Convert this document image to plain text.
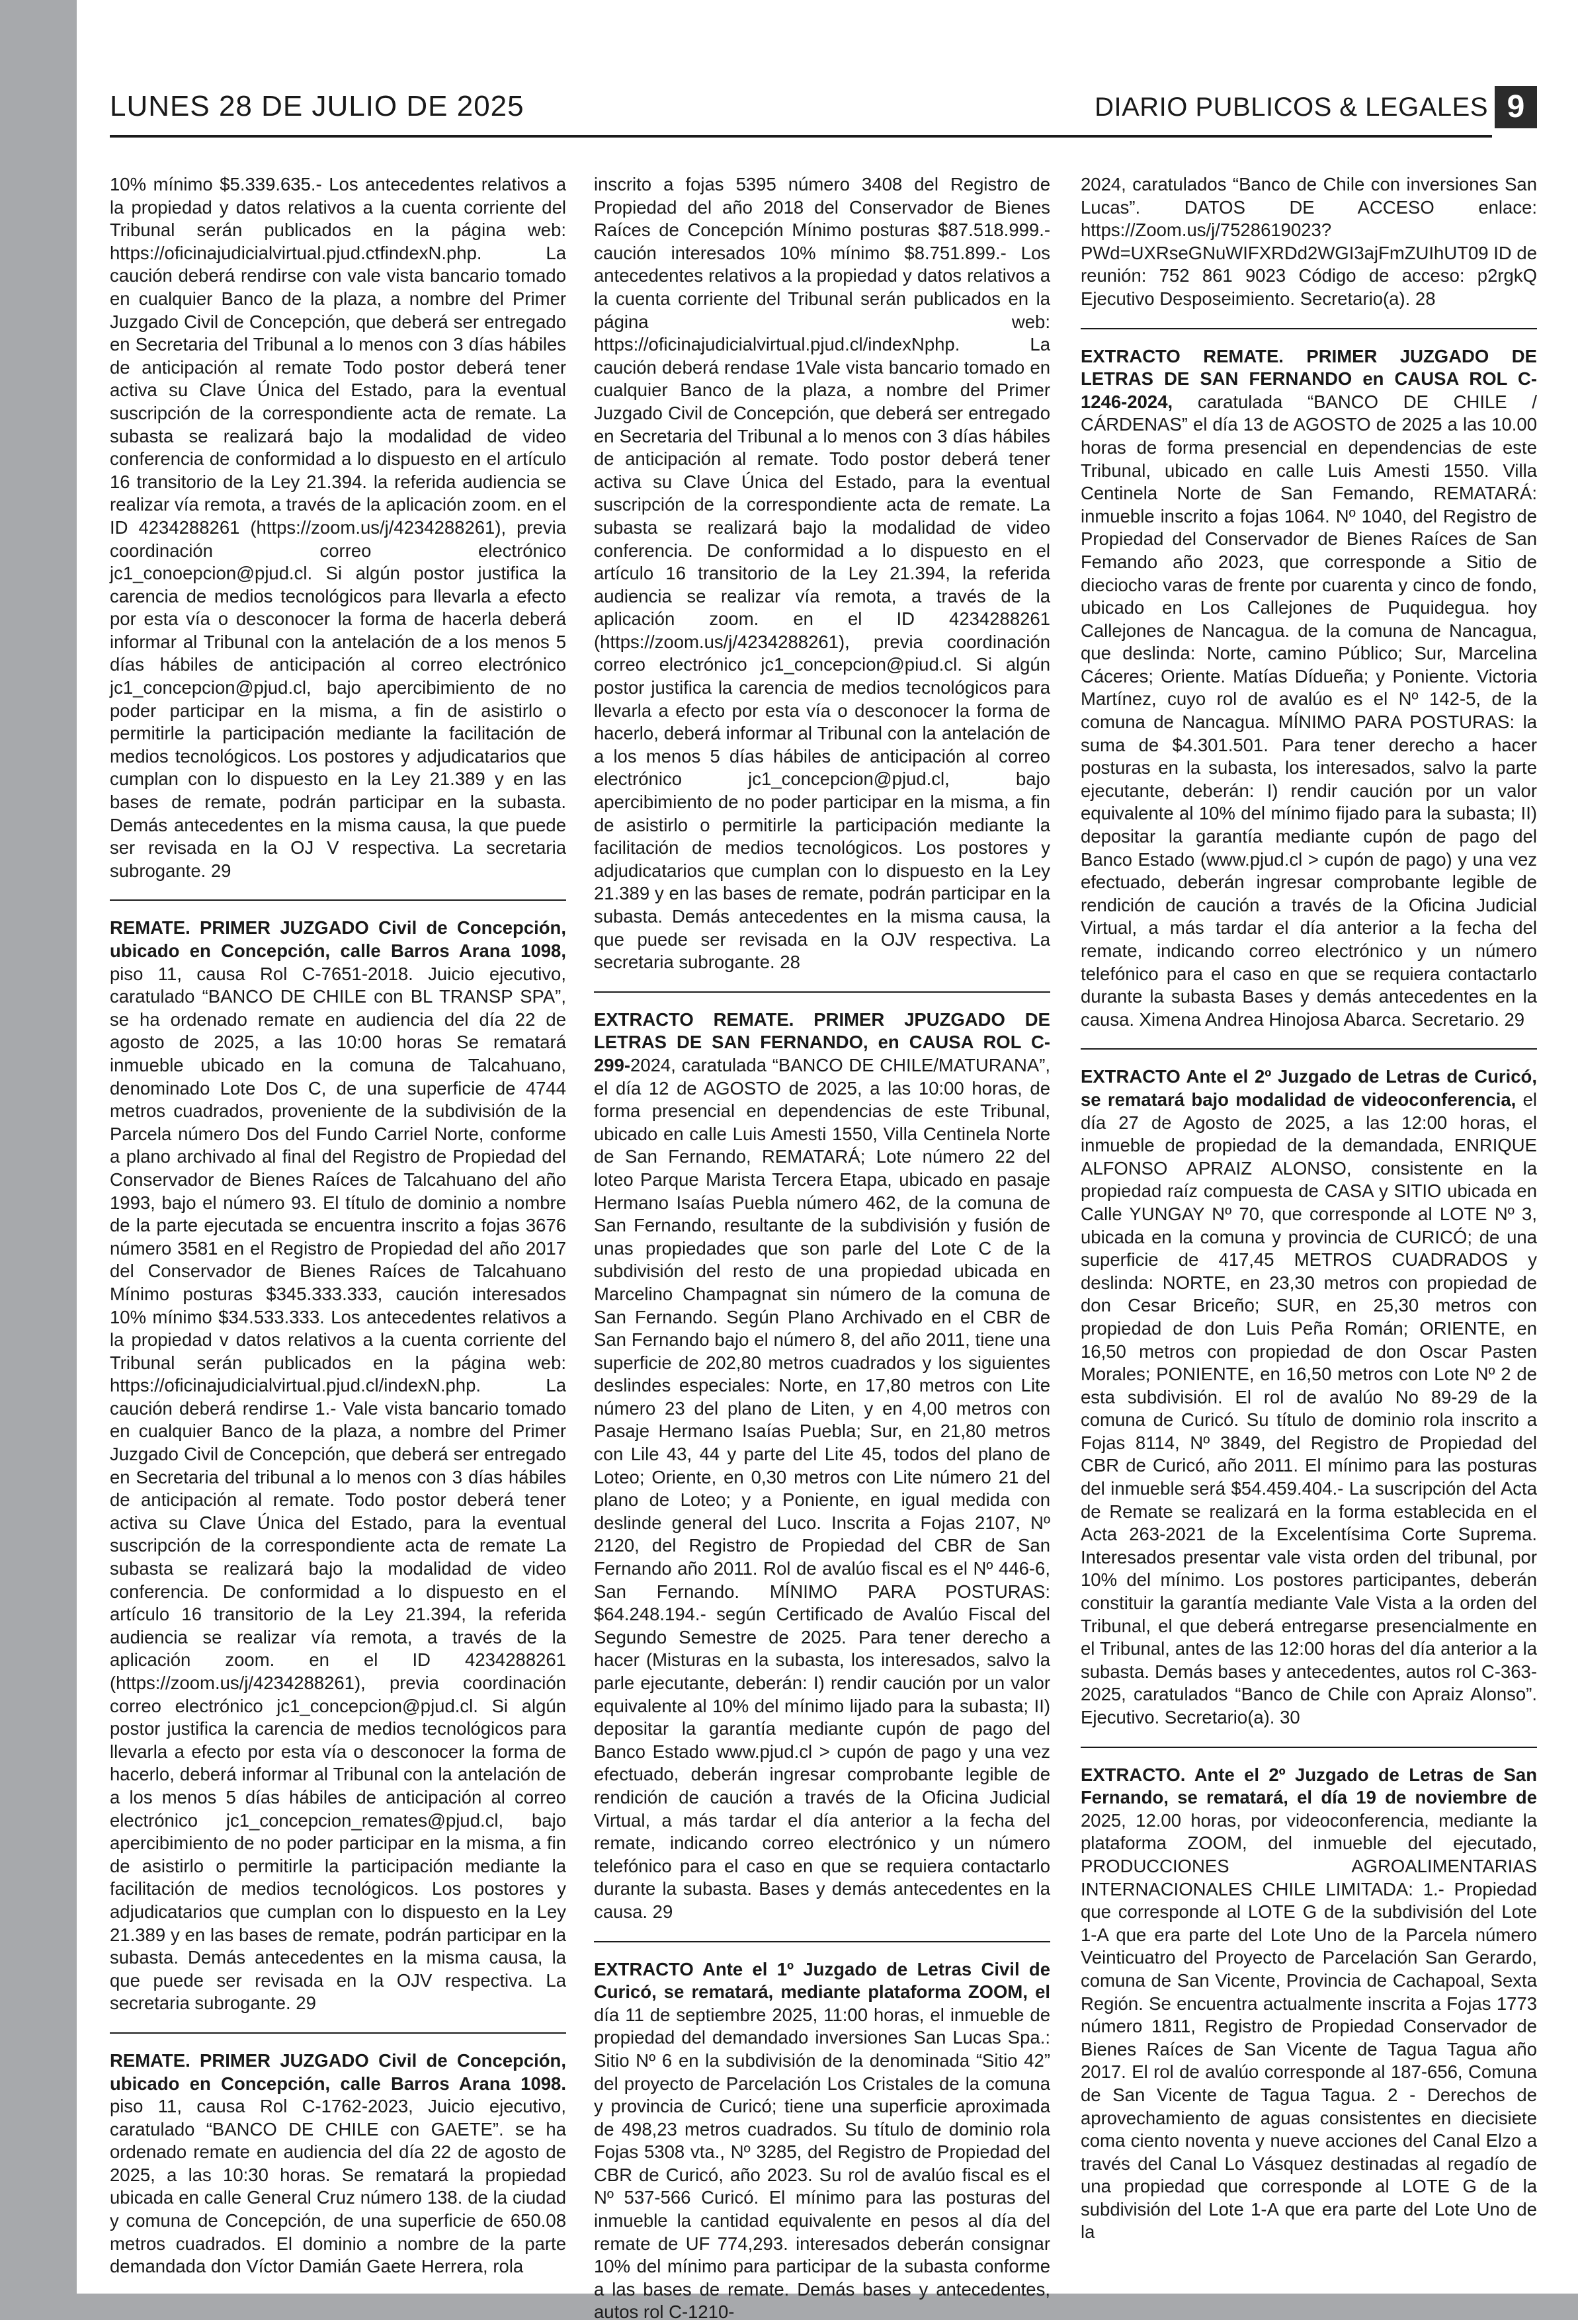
LUNES 28 DE JULIO DE 2025	DIARIO PUBLICOS & LEGALES 9

10% mínimo $5.339.635.- Los antecedentes relativos a la propiedad y datos relativos a la cuenta corriente del Tribunal serán publicados en la página web: https://oficinajudicialvirtual.pjud.ctfindexN.php. La caución deberá rendirse con vale vista bancario tomado en cualquier Banco de la plaza, a nombre del Primer Juzgado Civil de Concepción, que deberá ser entregado en Secretaria del Tribunal a lo menos con 3 días hábiles de anticipación al remate Todo postor deberá tener activa su Clave Única del Estado, para la eventual suscripción de la correspondiente acta de remate. La subasta se realizará bajo la modalidad de video conferencia de conformidad a lo dispuesto en el artículo 16 transitorio de la Ley 21.394. la referida audiencia se realizar vía remota, a través de la aplicación zoom. en el ID 4234288261 (https://zoom.us/j/4234288261), previa coordinación correo electrónico jc1_conoepcion@pjud.cl. Si algún postor justifica la carencia de medios tecnológicos para llevarla a efecto por esta vía o desconocer la forma de hacerla deberá informar al Tribunal con la antelación de a los menos 5 días hábiles de anticipación al correo electrónico jc1_concepcion@pjud.cl, bajo apercibimiento de no poder participar en la misma, a fin de asistirlo o permitirle la participación mediante la facilitación de medios tecnológicos. Los postores y adjudicatarios que cumplan con lo dispuesto en la Ley 21.389 y en las bases de remate, podrán participar en la subasta. Demás antecedentes en la misma causa, la que puede ser revisada en la OJ V respectiva. La secretaria subrogante. 29

REMATE. PRIMER JUZGADO Civil de Concepción, ubicado en Concepción, calle Barros Arana 1098, piso 11, causa Rol C-7651-2018. Juicio ejecutivo, caratulado “BANCO DE CHILE con BL TRANSP SPA”, se ha ordenado remate en audiencia del día 22 de agosto de 2025, a las 10:00 horas Se rematará inmueble ubicado en la comuna de Talcahuano, denominado Lote Dos C, de una superficie de 4744 metros cuadrados, proveniente de la subdivisión de la Parcela número Dos del Fundo Carriel Norte, conforme a plano archivado al final del Registro de Propiedad del Conservador de Bienes Raíces de Talcahuano del año 1993, bajo el número 93. El título de dominio a nombre de la parte ejecutada se encuentra inscrito a fojas 3676 número 3581 en el Registro de Propiedad del año 2017 del Conservador de Bienes Raíces de Talcahuano Mínimo posturas $345.333.333, caución interesados 10% mínimo $34.533.333. Los antecedentes relativos a la propiedad v datos relativos a la cuenta corriente del Tribunal serán publicados en la página web: https://oficinajudicialvirtual.pjud.cl/indexN.php. La caución deberá rendirse 1.- Vale vista bancario tomado en cualquier Banco de la plaza, a nombre del Primer Juzgado Civil de Concepción, que deberá ser entregado en Secretaria del tribunal a lo menos con 3 días hábiles de anticipación al remate. Todo postor deberá tener activa su Clave Única del Estado, para la eventual suscripción de la correspondiente acta de remate La subasta se realizará bajo la modalidad de video conferencia. De conformidad a lo dispuesto en el artículo 16 transitorio de la Ley 21.394, la referida audiencia se realizar vía remota, a través de la aplicación zoom. en el ID 4234288261 (https://zoom.us/j/4234288261), previa coordinación correo electrónico jc1_concepcion@pjud.cl. Si algún postor justifica la carencia de medios tecnológicos para llevarla a efecto por esta vía o desconocer la forma de hacerlo, deberá informar al Tribunal con la antelación de a los menos 5 días hábiles de anticipación al correo electrónico jc1_concepcion_remates@pjud.cl, bajo apercibimiento de no poder participar en la misma, a fin de asistirlo o permitirle la participación mediante la facilitación de medios tecnológicos. Los postores y adjudicatarios que cumplan con lo dispuesto en la Ley 21.389 y en las bases de remate, podrán participar en la subasta. Demás antecedentes en la misma causa, la que puede ser revisada en la OJV respectiva. La secretaria subrogante. 29

REMATE. PRIMER JUZGADO Civil de Concepción, ubicado en Concepción, calle Barros Arana 1098. piso 11, causa Rol C-1762-2023, Juicio ejecutivo, caratulado “BANCO DE CHILE con GAETE”. se ha ordenado remate en audiencia del día 22 de agosto de 2025, a las 10:30 horas. Se rematará la propiedad ubicada en calle General Cruz número 138. de la ciudad y comuna de Concepción, de una superficie de 650.08 metros cuadrados. El dominio a nombre de la parte demandada don Víctor Damián Gaete Herrera, rola

inscrito a fojas 5395 número 3408 del Registro de Propiedad del año 2018 del Conservador de Bienes Raíces de Concepción Mínimo posturas $87.518.999.- caución interesados 10% mínimo $8.751.899.- Los antecedentes relativos a la propiedad y datos relativos a la cuenta corriente del Tribunal serán publicados en la página web: https://oficinajudicialvirtual.pjud.cl/indexNphp. La caución deberá rendase 1Vale vista bancario tomado en cualquier Banco de la plaza, a nombre del Primer Juzgado Civil de Concepción, que deberá ser entregado en Secretaria del Tribunal a lo menos con 3 días hábiles de anticipación al remate. Todo postor deberá tener activa su Clave Única del Estado, para la eventual suscripción de la correspondiente acta de remate. La subasta se realizará bajo la modalidad de video conferencia. De conformidad a lo dispuesto en el artículo 16 transitorio de la Ley 21.394, la referida audiencia se realizar vía remota, a través de la aplicación zoom. en el ID 4234288261 (https://zoom.us/j/4234288261), previa coordinación correo electrónico jc1_concepcion@piud.cl. Si algún postor justifica la carencia de medios tecnológicos para llevarla a efecto por esta vía o desconocer la forma de hacerlo, deberá informar al Tribunal con la antelación de a los menos 5 días hábiles de anticipación al correo electrónico jc1_concepcion@pjud.cl, bajo apercibimiento de no poder participar en la misma, a fin de asistirlo o permitirle la participación mediante la facilitación de medios tecnológicos. Los postores y adjudicatarios que cumplan con lo dispuesto en la Ley 21.389 y en las bases de remate, podrán participar en la subasta. Demás antecedentes en la misma causa, la que puede ser revisada en la OJV respectiva. La secretaria subrogante. 28

EXTRACTO REMATE. PRIMER JPUZGADO DE LETRAS DE SAN FERNANDO, en CAUSA ROL C-299-2024, caratulada “BANCO DE CHILE/MATURANA”, el día 12 de AGOSTO de 2025, a las 10:00 horas, de forma presencial en dependencias de este Tribunal, ubicado en calle Luis Amesti 1550, Villa Centinela Norte de San Fernando, REMATARÁ; Lote número 22 del loteo Parque Marista Tercera Etapa, ubicado en pasaje Hermano Isaías Puebla número 462, de la comuna de San Fernando, resultante de la subdivisión y fusión de unas propiedades que son parle del Lote C de la subdivisión del resto de una propiedad ubicada en Marcelino Champagnat sin número de la comuna de San Fernando. Según Plano Archivado en el CBR de San Fernando bajo el número 8, del año 2011, tiene una superficie de 202,80 metros cuadrados y los siguientes deslindes especiales: Norte, en 17,80 metros con Lite número 23 del plano de Liten, y en 4,00 metros con Pasaje Hermano Isaías Puebla; Sur, en 21,80 metros con Lile 43, 44 y parte del Lite 45, todos del plano de Loteo; Oriente, en 0,30 metros con Lite número 21 del plano de Loteo; y a Poniente, en igual medida con deslinde general del Luco. Inscrita a Fojas 2107, Nº 2120, del Registro de Propiedad del CBR de San Fernando año 2011. Rol de avalúo fiscal es el Nº 446-6, San Fernando. MÍNIMO PARA POSTURAS: $64.248.194.- según Certificado de Avalúo Fiscal del Segundo Semestre de 2025. Para tener derecho a hacer (Misturas en la subasta, los interesados, salvo la parle ejecutante, deberán: I) rendir caución por un valor equivalente al 10% del mínimo lijado para la subasta; II) depositar la garantía mediante cupón de pago del Banco Estado www.pjud.cl > cupón de pago y una vez efectuado, deberán ingresar comprobante legible de rendición de caución a través de la Oficina Judicial Virtual, a más tardar el día anterior a la fecha del remate, indicando correo electrónico y un número telefónico para el caso en que se requiera contactarlo durante la subasta. Bases y demás antecedentes en la causa. 29

EXTRACTO Ante el 1º Juzgado de Letras Civil de Curicó, se rematará, mediante plataforma ZOOM, el día 11 de septiembre 2025, 11:00 horas, el inmueble de propiedad del demandado inversiones San Lucas Spa.: Sitio Nº 6 en la subdivisión de la denominada “Sitio 42” del proyecto de Parcelación Los Cristales de la comuna y provincia de Curicó; tiene una superficie aproximada de 498,23 metros cuadrados. Su título de dominio rola Fojas 5308 vta., Nº 3285, del Registro de Propiedad del CBR de Curicó, año 2023. Su rol de avalúo fiscal es el Nº 537-566 Curicó. El mínimo para las posturas del inmueble la cantidad equivalente en pesos al día del remate de UF 774,293. interesados deberán consignar 10% del mínimo para participar de la subasta conforme a las bases de remate. Demás bases y antecedentes, autos rol C-1210-

2024, caratulados “Banco de Chile con inversiones San Lucas”. DATOS DE ACCESO enlace: https://Zoom.us/j/7528619023?PWd=UXRseGNuWIFXRDd2WGI3ajFmZUIhUT09 ID de reunión: 752 861 9023 Código de acceso: p2rgkQ Ejecutivo Desposeimiento. Secretario(a). 28

EXTRACTO REMATE. PRIMER JUZGADO DE LETRAS DE SAN FERNANDO en CAUSA ROL C-1246-2024, caratulada “BANCO DE CHILE / CÁRDENAS” el día 13 de AGOSTO de 2025 a las 10.00 horas de forma presencial en dependencias de este Tribunal, ubicado en calle Luis Amesti 1550. Villa Centinela Norte de San Femando, REMATARÁ: inmueble inscrito a fojas 1064. Nº 1040, del Registro de Propiedad del Conservador de Bienes Raíces de San Femando año 2023, que corresponde a Sitio de dieciocho varas de frente por cuarenta y cinco de fondo, ubicado en Los Callejones de Puquidegua. hoy Callejones de Nancagua. de la comuna de Nancagua, que deslinda: Norte, camino Público; Sur, Marcelina Cáceres; Oriente. Matías Dídueña; y Poniente. Victoria Martínez, cuyo rol de avalúo es el Nº 142-5, de la comuna de Nancagua. MÍNIMO PARA POSTURAS: la suma de $4.301.501. Para tener derecho a hacer posturas en la subasta, los interesados, salvo la parte ejecutante, deberán: I) rendir caución por un valor equivalente al 10% del mínimo fijado para la subasta; II) depositar la garantía mediante cupón de pago del Banco Estado (www.pjud.cl > cupón de pago) y una vez efectuado, deberán ingresar comprobante legible de rendición de caución a través de la Oficina Judicial Virtual, a más tardar el día anterior a la fecha del remate, indicando correo electrónico y un número telefónico para el caso en que se requiera contactarlo durante la subasta Bases y demás antecedentes en la causa. Ximena Andrea Hinojosa Abarca. Secretario. 29

EXTRACTO Ante el 2º Juzgado de Letras de Curicó, se rematará bajo modalidad de videoconferencia, el día 27 de Agosto de 2025, a las 12:00 horas, el inmueble de propiedad de la demandada, ENRIQUE ALFONSO APRAIZ ALONSO, consistente en la propiedad raíz compuesta de CASA y SITIO ubicada en Calle YUNGAY Nº 70, que corresponde al LOTE Nº 3, ubicada en la comuna y provincia de CURICÓ; de una superficie de 417,45 METROS CUADRADOS y deslinda: NORTE, en 23,30 metros con propiedad de don Cesar Briceño; SUR, en 25,30 metros con propiedad de don Luis Peña Román; ORIENTE, en 16,50 metros con propiedad de don Oscar Pasten Morales; PONIENTE, en 16,50 metros con Lote Nº 2 de esta subdivisión. El rol de avalúo No 89-29 de la comuna de Curicó. Su título de dominio rola inscrito a Fojas 8114, Nº 3849, del Registro de Propiedad del CBR de Curicó, año 2011. El mínimo para las posturas del inmueble será $54.459.404.- La suscripción del Acta de Remate se realizará en la forma establecida en el Acta 263-2021 de la Excelentísima Corte Suprema. Interesados presentar vale vista orden del tribunal, por 10% del mínimo. Los postores participantes, deberán constituir la garantía mediante Vale Vista a la orden del Tribunal, el que deberá entregarse presencialmente en el Tribunal, antes de las 12:00 horas del día anterior a la subasta. Demás bases y antecedentes, autos rol C-363-2025, caratulados “Banco de Chile con Apraiz Alonso”. Ejecutivo. Secretario(a). 30

EXTRACTO. Ante el 2º Juzgado de Letras de San Fernando, se rematará, el día 19 de noviembre de 2025, 12.00 horas, por videoconferencia, mediante la plataforma ZOOM, del inmueble del ejecutado, PRODUCCIONES AGROALIMENTARIAS INTERNACIONALES CHILE LIMITADA: 1.- Propiedad que corresponde al LOTE G de la subdivisión del Lote 1-A que era parte del Lote Uno de la Parcela número Veinticuatro del Proyecto de Parcelación San Gerardo, comuna de San Vicente, Provincia de Cachapoal, Sexta Región. Se encuentra actualmente inscrita a Fojas 1773 número 1811, Registro de Propiedad Conservador de Bienes Raíces de San Vicente de Tagua Tagua año 2017. El rol de avalúo corresponde al 187-656, Comuna de San Vicente de Tagua Tagua. 2 - Derechos de aprovechamiento de aguas consistentes en diecisiete coma ciento noventa y nueve acciones del Canal Elzo a través del Canal Lo Vásquez destinadas al regadío de una propiedad que corresponde al LOTE G de la subdivisión del Lote 1-A que era parte del Lote Uno de la
